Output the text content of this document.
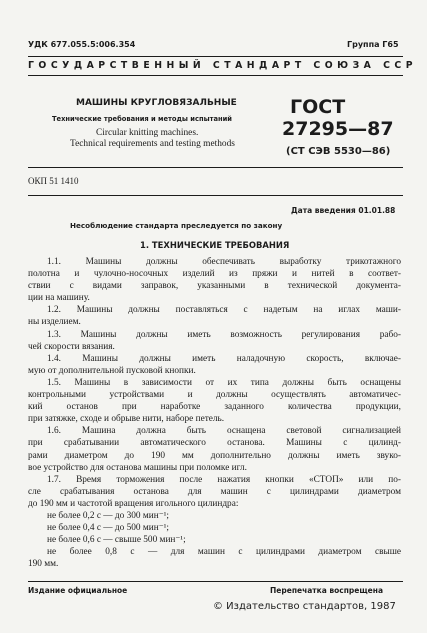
УДК 677.055.5:006.354	Группа Г65
ГОСУДАРСТВЕННЫЙ СТАНДАРТ СОЮЗА ССР
МАШИНЫ КРУГЛОВЯЗАЛЬНЫЕ
Технические требования и методы испытаний
Circular knitting machines.
Technical requirements and testing methods
ГОСТ
27295—87
(СТ СЭВ 5530—86)
ОКП 51 1410
Дата введения 01.01.88
Несоблюдение стандарта преследуется по закону
1. ТЕХНИЧЕСКИЕ ТРЕБОВАНИЯ
1.1. Машины должны обеспечивать выработку трикотажного
полотна и чулочно-носочных изделий из пряжи и нитей в соответ-
ствии с видами заправок, указанными в технической документа-
ции на машину.
1.2. Машины должны поставляться с надетым на иглах маши-
ны изделием.
1.3. Машины должны иметь возможность регулирования рабо-
чей скорости вязания.
1.4. Машины должны иметь наладочную скорость, включае-
мую от дополнительной пусковой кнопки.
1.5. Машины в зависимости от их типа должны быть оснащены
контрольными устройствами и должны осуществлять автоматичес-
кий останов при наработке заданного количества продукции,
при затяжке, сходе и обрыве нити, наборе петель.
1.6. Машина должна быть оснащена световой сигнализацией
при срабатывании автоматического останова. Машины с цилинд-
рами диаметром до 190 мм дополнительно должны иметь звуко-
вое устройство для останова машины при поломке игл.
1.7. Время торможения после нажатия кнопки «СТОП» или по-
сле срабатывания останова для машин с цилиндрами диаметром
до 190 мм и частотой вращения игольного цилиндра:
не более 0,2 с — до 300 мин⁻¹;
не более 0,4 с — до 500 мин⁻¹;
не более 0,6 с — свыше 500 мин⁻¹;
не более 0,8 с — для машин с цилиндрами диаметром свыше
190 мм.
Издание официальное	Перепечатка воспрещена
© Издательство стандартов, 1987
